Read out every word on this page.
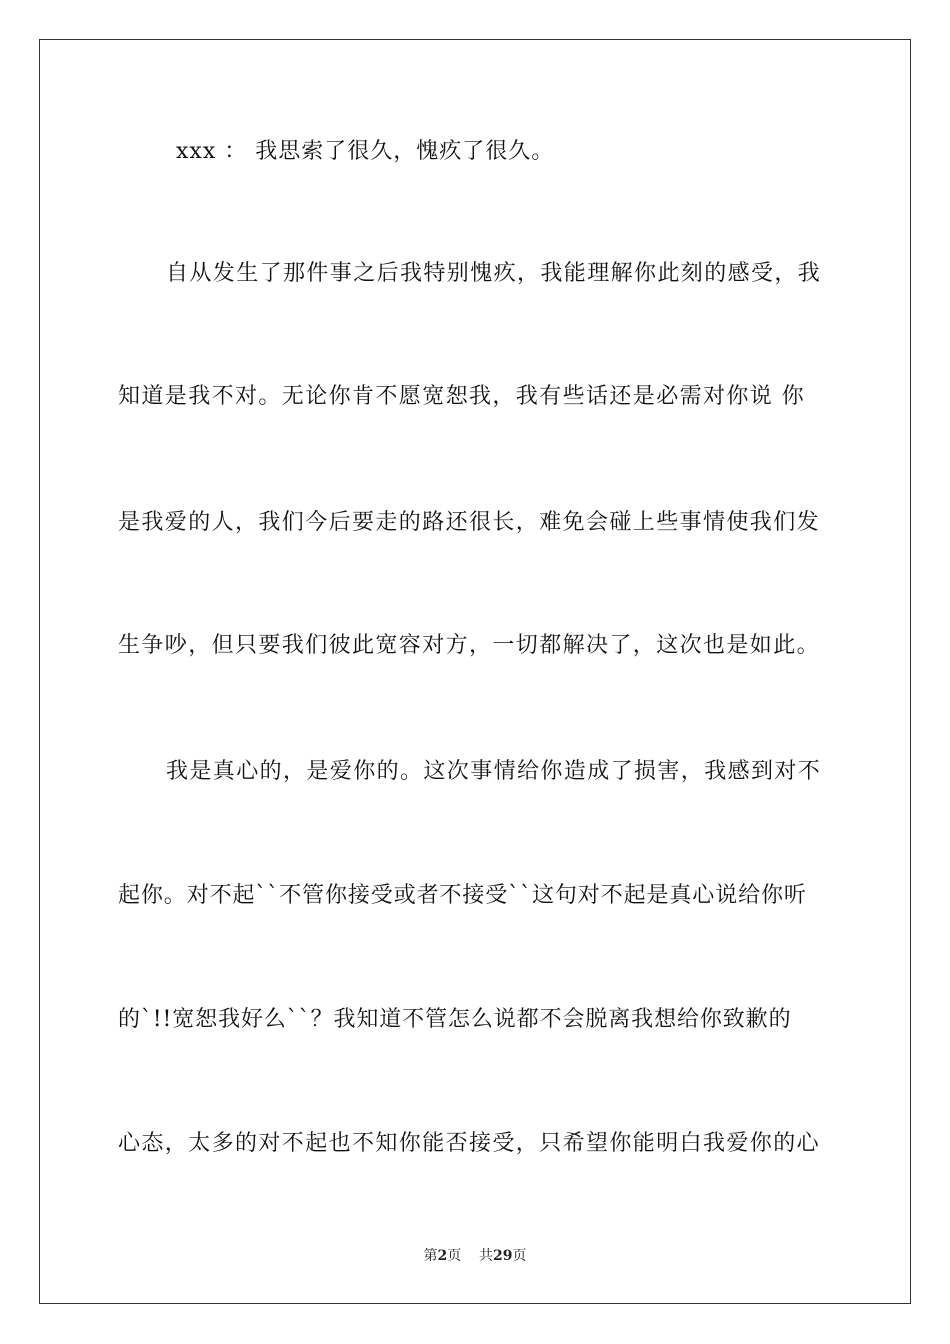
xxx ： 我思索了很久，愧疚了很久。
自从发生了那件事之后我特别愧疚，我能理解你此刻的感受，我
知道是我不对。无论你肯不愿宽恕我，我有些话还是必需对你说 你
是我爱的人，我们今后要走的路还很长，难免会碰上些事情使我们发
生争吵，但只要我们彼此宽容对方，一切都解决了，这次也是如此。
我是真心的，是爱你的。这次事情给你造成了损害，我感到对不
起你。对不起``不管你接受或者不接受``这句对不起是真心说给你听
的`!!宽恕我好么``？我知道不管怎么说都不会脱离我想给你致歉的
心态，太多的对不起也不知你能否接受，只希望你能明白我爱你的心
第2页 共29页
